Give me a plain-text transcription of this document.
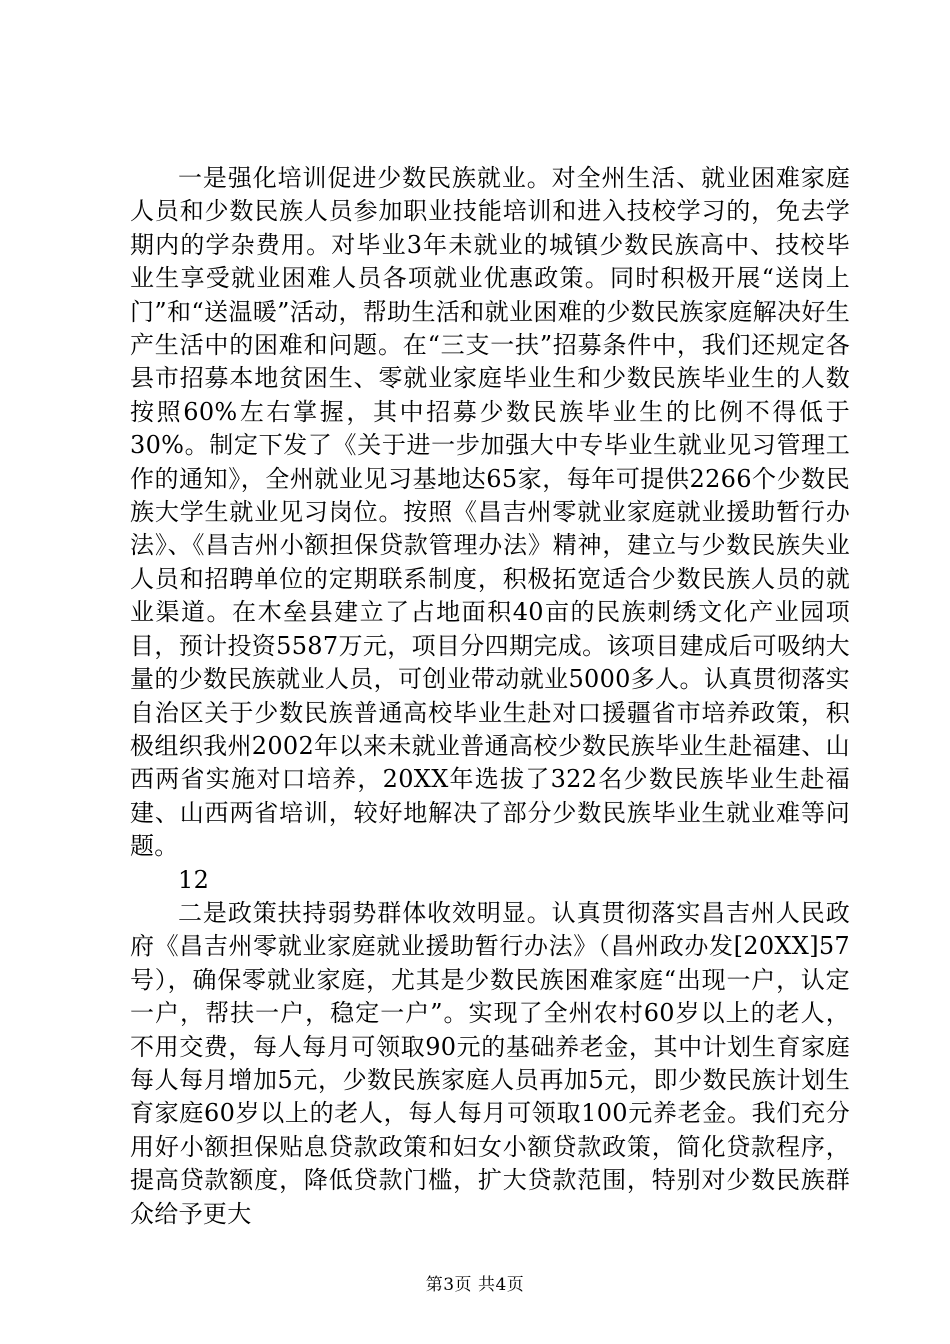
一是强化培训促进少数民族就业。对全州生活、就业困难家庭人员和少数民族人员参加职业技能培训和进入技校学习的，免去学期内的学杂费用。对毕业3年未就业的城镇少数民族高中、技校毕业生享受就业困难人员各项就业优惠政策。同时积极开展“送岗上门”和“送温暖”活动，帮助生活和就业困难的少数民族家庭解决好生产生活中的困难和问题。在“三支一扶”招募条件中，我们还规定各县市招募本地贫困生、零就业家庭毕业生和少数民族毕业生的人数按照60%左右掌握，其中招募少数民族毕业生的比例不得低于30%。制定下发了《关于进一步加强大中专毕业生就业见习管理工作的通知》，全州就业见习基地达65家，每年可提供2266个少数民族大学生就业见习岗位。按照《昌吉州零就业家庭就业援助暂行办法》、《昌吉州小额担保贷款管理办法》精神，建立与少数民族失业人员和招聘单位的定期联系制度，积极拓宽适合少数民族人员的就业渠道。在木垒县建立了占地面积40亩的民族刺绣文化产业园项目，预计投资5587万元，项目分四期完成。该项目建成后可吸纳大量的少数民族就业人员，可创业带动就业5000多人。认真贯彻落实自治区关于少数民族普通高校毕业生赴对口援疆省市培养政策，积极组织我州2002年以来未就业普通高校少数民族毕业生赴福建、山西两省实施对口培养，20XX年选拔了322名少数民族毕业生赴福建、山西两省培训，较好地解决了部分少数民族毕业生就业难等问题。

12

二是政策扶持弱势群体收效明显。认真贯彻落实昌吉州人民政府《昌吉州零就业家庭就业援助暂行办法》（昌州政办发[20XX]57号），确保零就业家庭，尤其是少数民族困难家庭“出现一户，认定一户，帮扶一户，稳定一户”。实现了全州农村60岁以上的老人，不用交费，每人每月可领取90元的基础养老金，其中计划生育家庭每人每月增加5元，少数民族家庭人员再加5元，即少数民族计划生育家庭60岁以上的老人，每人每月可领取100元养老金。我们充分用好小额担保贴息贷款政策和妇女小额贷款政策，简化贷款程序，提高贷款额度，降低贷款门槛，扩大贷款范围，特别对少数民族群众给予更大

第3页 共4页
